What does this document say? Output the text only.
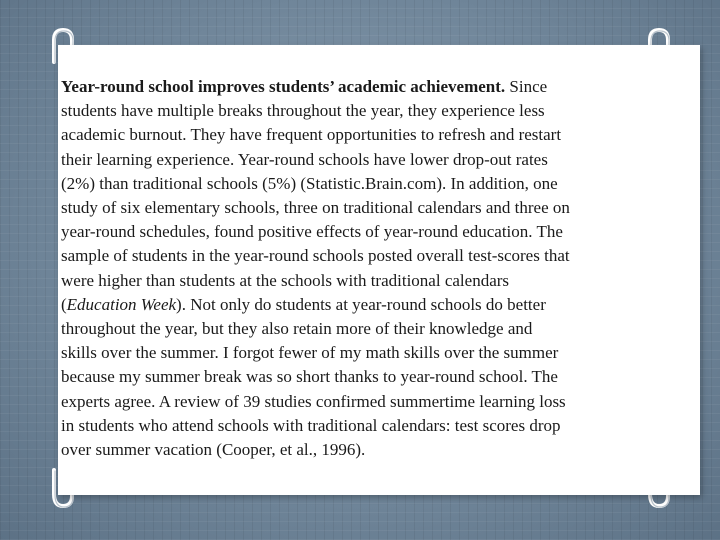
Year-round school improves students’ academic achievement. Since
students have multiple breaks throughout the year, they experience less
academic burnout. They have frequent opportunities to refresh and restart
their learning experience. Year-round schools have lower drop-out rates
(2%) than traditional schools (5%) (Statistic.Brain.com). In addition, one
study of six elementary schools, three on traditional calendars and three on
year-round schedules, found positive effects of year-round education. The
sample of students in the year-round schools posted overall test-scores that
were higher than students at the schools with traditional calendars
(Education Week). Not only do students at year-round schools do better
throughout the year, but they also retain more of their knowledge and
skills over the summer. I forgot fewer of my math skills over the summer
because my summer break was so short thanks to year-round school. The
experts agree. A review of 39 studies confirmed summertime learning loss
in students who attend schools with traditional calendars: test scores drop
over summer vacation (Cooper, et al., 1996).
